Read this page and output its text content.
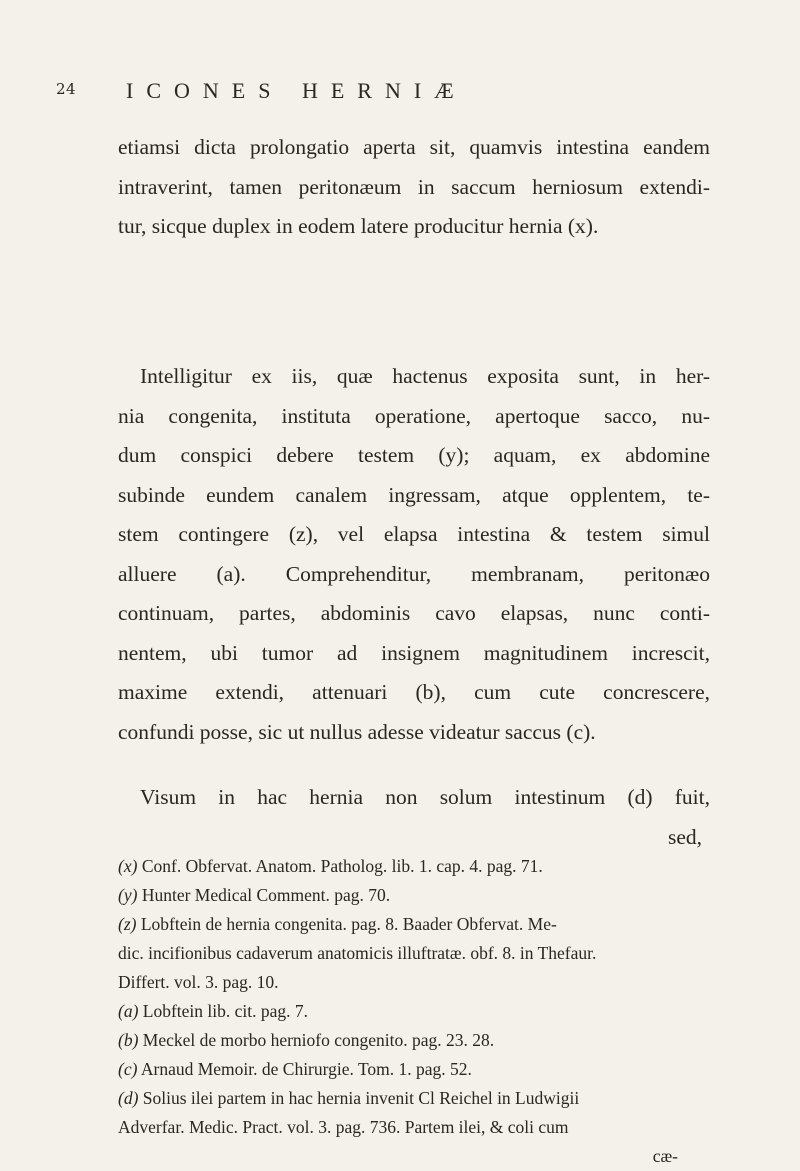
24 ICONES HERNIÆ
etiamsi dicta prolongatio aperta sit, quamvis intestina eandem
intraverint, tamen peritonæum in saccum herniosum extendi-
tur, sicque duplex in eodem latere producitur hernia (x).
Intelligitur ex iis, quæ hactenus exposita sunt, in her-
nia congenita, instituta operatione, apertoque sacco, nu-
dum conspici debere testem (y); aquam, ex abdomine
subinde eundem canalem ingressam, atque opplentem, te-
stem contingere (z), vel elapsa intestina & testem simul
alluere (a). Comprehenditur, membranam, peritonæo
continuam, partes, abdominis cavo elapsas, nunc conti-
nentem, ubi tumor ad insignem magnitudinem increscit,
maxime extendi, attenuari (b), cum cute concrescere,
confundi posse, sic ut nullus adesse videatur saccus (c).
Visum in hac hernia non solum intestinum (d) fuit,
sed,
(x) Conf. Obfervat. Anatom. Patholog. lib. 1. cap. 4. pag. 71.
(y) Hunter Medical Comment. pag. 70.
(z) Lobftein de hernia congenita. pag. 8. Baader Obfervat. Me-
dic. incifionibus cadaverum anatomicis illuftratæ. obf. 8. in Thefaur.
Differt. vol. 3. pag. 10.
(a) Lobftein lib. cit. pag. 7.
(b) Meckel de morbo herniofo congenito. pag. 23. 28.
(c) Arnaud Memoir. de Chirurgie. Tom. 1. pag. 52.
(d) Solius ilei partem in hac hernia invenit Cl Reichel in Ludwigii
Adverfar. Medic. Pract. vol. 3. pag. 736. Partem ilei, & coli cum
cæ-
